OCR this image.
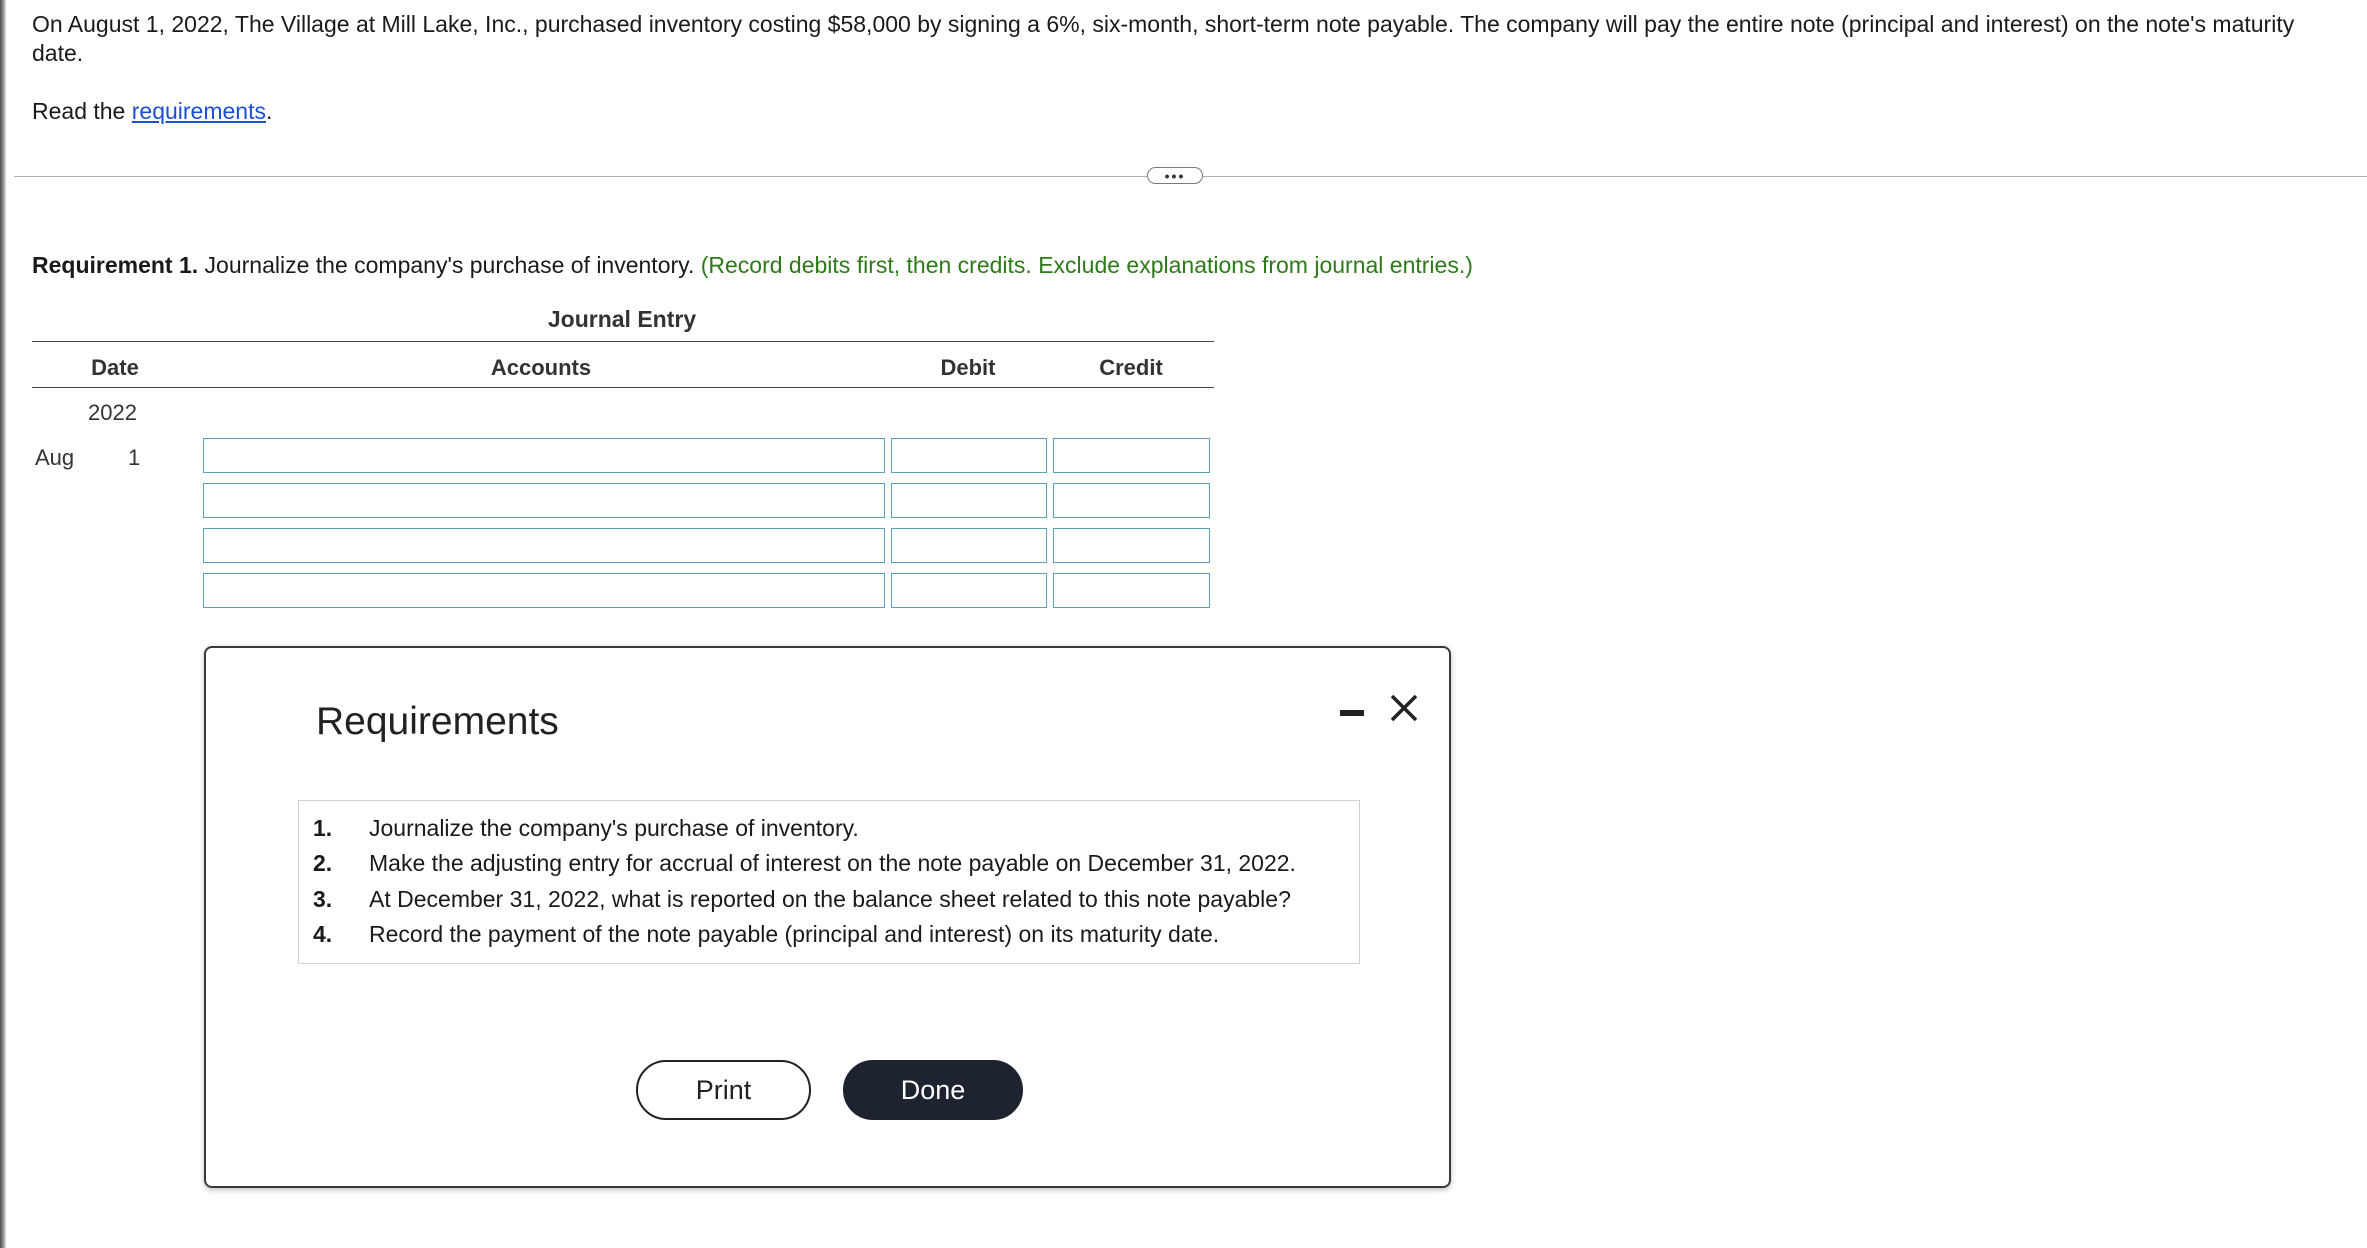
On August 1, 2022, The Village at Mill Lake, Inc., purchased inventory costing $58,000 by signing a 6%, six-month, short-term note payable. The company will pay the entire note (principal and interest) on the note's maturity
date.
Read the requirements.
•••
Requirement 1. Journalize the company's purchase of inventory. (Record debits first, then credits. Exclude explanations from journal entries.)
Journal Entry
Date	Accounts	Debit	Credit
2022
Aug 1
Requirements
1. Journalize the company's purchase of inventory.
2. Make the adjusting entry for accrual of interest on the note payable on December 31, 2022.
3. At December 31, 2022, what is reported on the balance sheet related to this note payable?
4. Record the payment of the note payable (principal and interest) on its maturity date.
Print	Done
